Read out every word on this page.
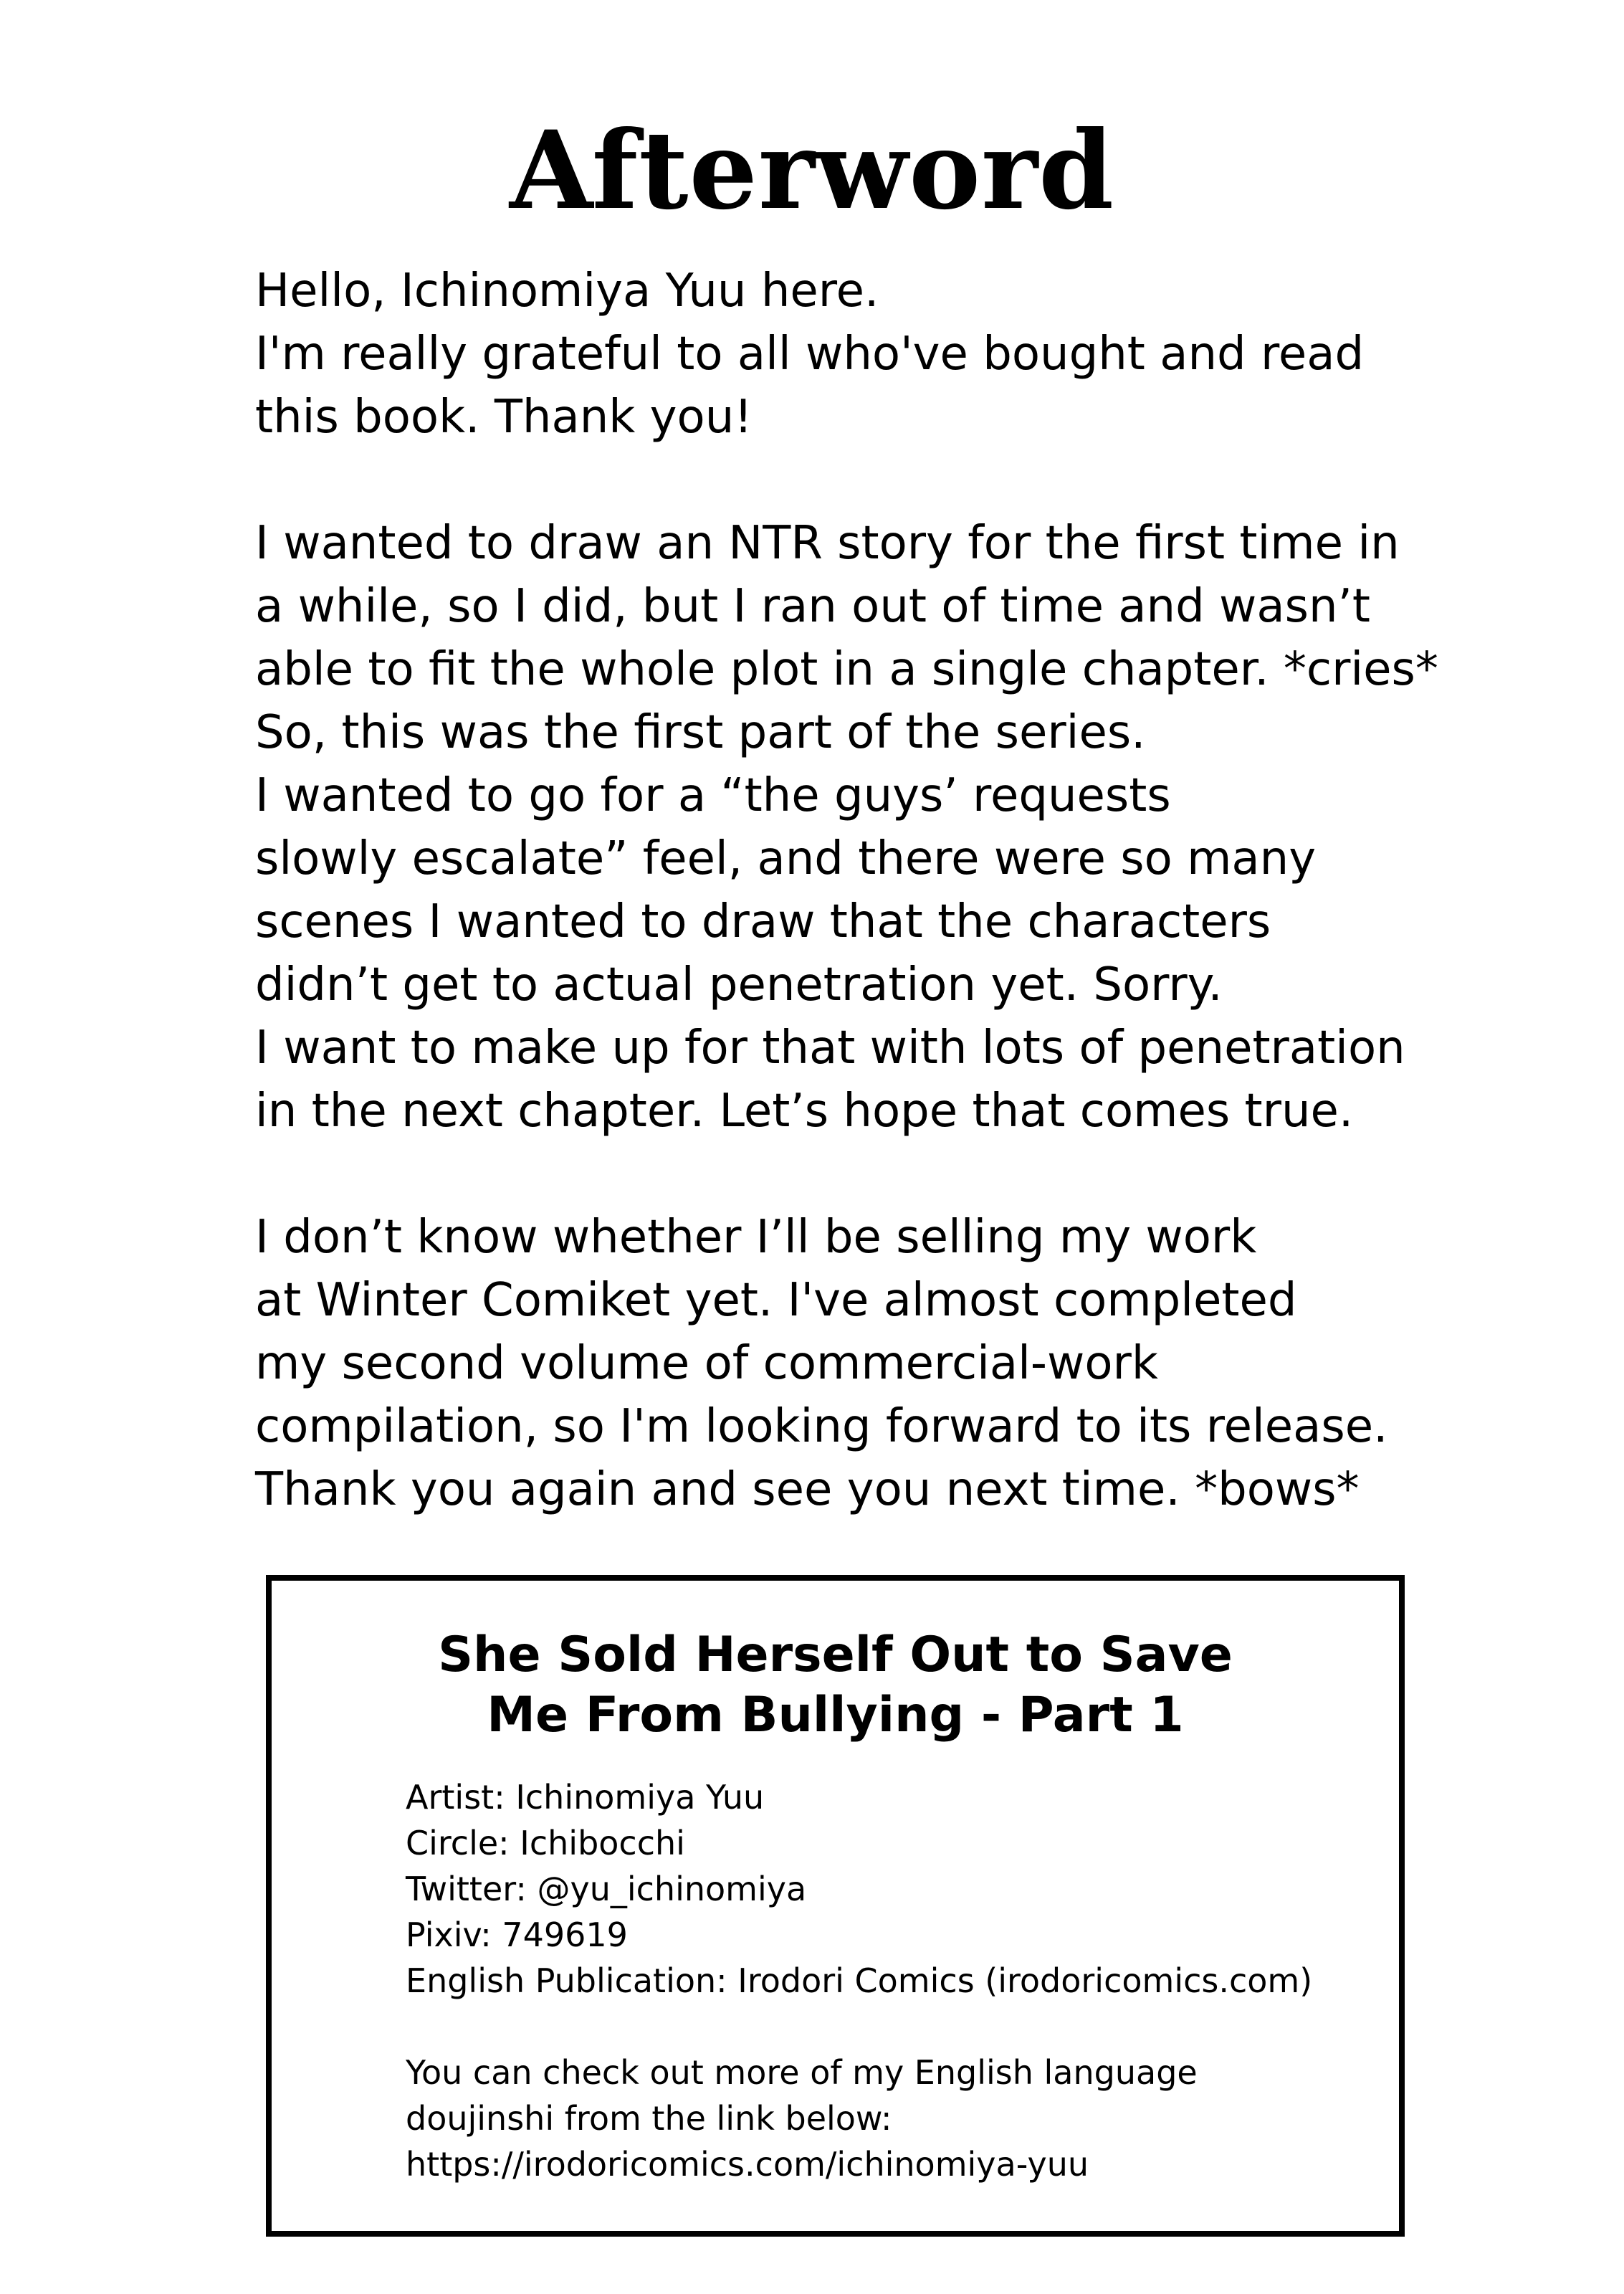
Afterword

Hello, Ichinomiya Yuu here.
I'm really grateful to all who've bought and read
this book. Thank you!

I wanted to draw an NTR story for the first time in
a while, so I did, but I ran out of time and wasn’t
able to fit the whole plot in a single chapter. *cries*
So, this was the first part of the series.
I wanted to go for a “the guys’ requests
slowly escalate” feel, and there were so many
scenes I wanted to draw that the characters
didn’t get to actual penetration yet. Sorry.
I want to make up for that with lots of penetration
in the next chapter. Let’s hope that comes true.

I don’t know whether I’ll be selling my work
at Winter Comiket yet. I've almost completed
my second volume of commercial-work
compilation, so I'm looking forward to its release.
Thank you again and see you next time. *bows*

She Sold Herself Out to Save
Me From Bullying - Part 1
Artist: Ichinomiya Yuu
Circle: Ichibocchi
Twitter: @yu_ichinomiya
Pixiv: 749619
English Publication: Irodori Comics (irodoricomics.com)
You can check out more of my English language
doujinshi from the link below:
https://irodoricomics.com/ichinomiya-yuu
